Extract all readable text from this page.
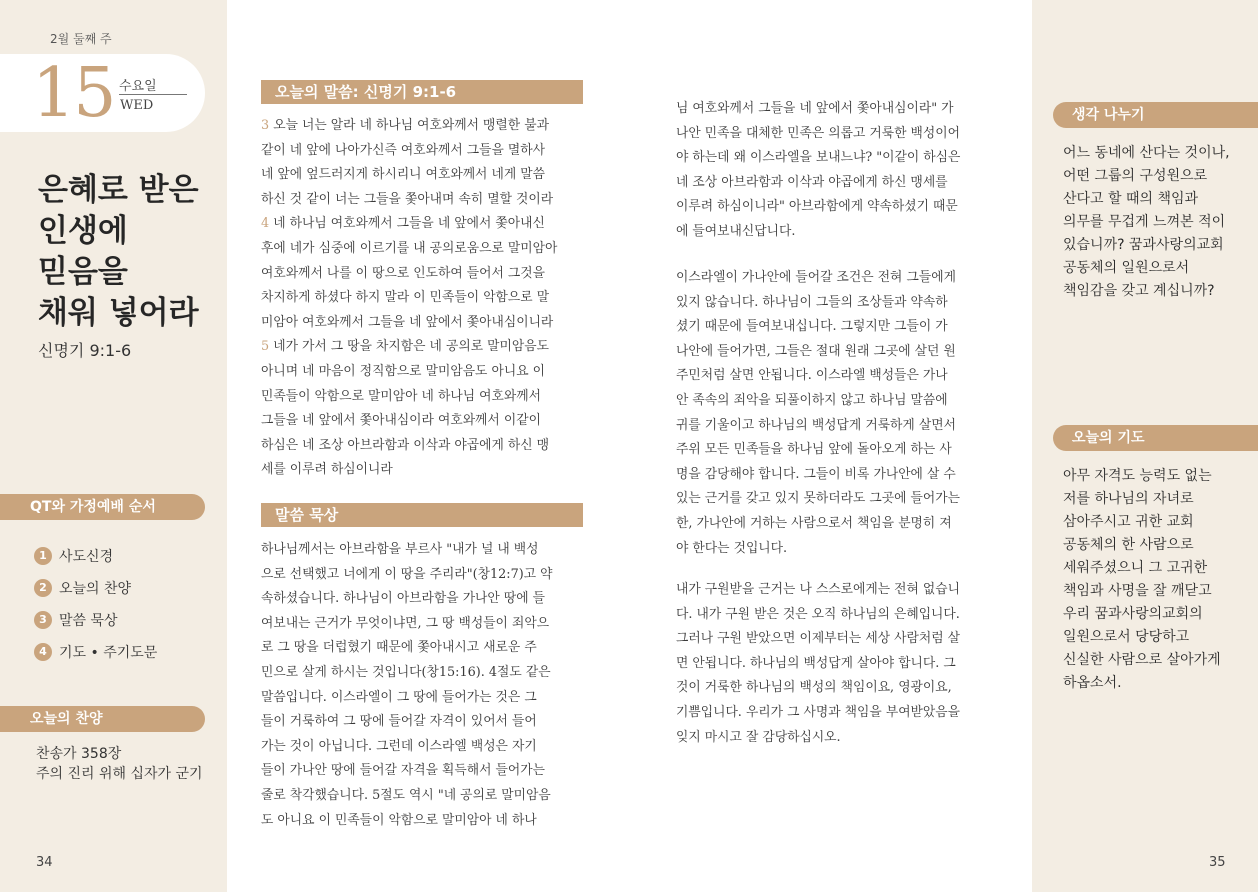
2월 둘째 주
15 수요일
WED
은혜로 받은
인생에
믿음을
채워 넣어라
신명기 9:1-6
QT와 가정예배 순서
1 사도신경
2 오늘의 찬양
3 말씀 묵상
4 기도 • 주기도문
오늘의 찬양
찬송가 358장
주의 진리 위해 십자가 군기
34
오늘의 말씀: 신명기 9:1-6
3 오늘 너는 알라 네 하나님 여호와께서 맹렬한 불과
같이 네 앞에 나아가신즉 여호와께서 그들을 멸하사
네 앞에 엎드러지게 하시리니 여호와께서 네게 말씀
하신 것 같이 너는 그들을 쫓아내며 속히 멸할 것이라
4 네 하나님 여호와께서 그들을 네 앞에서 쫓아내신
후에 네가 심중에 이르기를 내 공의로움으로 말미암아
여호와께서 나를 이 땅으로 인도하여 들어서 그것을
차지하게 하셨다 하지 말라 이 민족들이 악함으로 말
미암아 여호와께서 그들을 네 앞에서 쫓아내심이니라
5 네가 가서 그 땅을 차지함은 네 공의로 말미암음도
아니며 네 마음이 정직함으로 말미암음도 아니요 이
민족들이 악함으로 말미암아 네 하나님 여호와께서
그들을 네 앞에서 쫓아내심이라 여호와께서 이같이
하심은 네 조상 아브라함과 이삭과 야곱에게 하신 맹
세를 이루려 하심이니라
말씀 묵상
하나님께서는 아브라함을 부르사 "내가 널 내 백성
으로 선택했고 너에게 이 땅을 주리라"(창12:7)고 약
속하셨습니다. 하나님이 아브라함을 가나안 땅에 들
여보내는 근거가 무엇이냐면, 그 땅 백성들이 죄악으
로 그 땅을 더럽혔기 때문에 쫓아내시고 새로운 주
민으로 살게 하시는 것입니다(창15:16). 4절도 같은
말씀입니다. 이스라엘이 그 땅에 들어가는 것은 그
들이 거룩하여 그 땅에 들어갈 자격이 있어서 들어
가는 것이 아닙니다. 그런데 이스라엘 백성은 자기
들이 가나안 땅에 들어갈 자격을 획득해서 들어가는
줄로 착각했습니다. 5절도 역시 "네 공의로 말미암음
도 아니요 이 민족들이 악함으로 말미암아 네 하나
님 여호와께서 그들을 네 앞에서 쫓아내심이라" 가
나안 민족을 대체한 민족은 의롭고 거룩한 백성이어
야 하는데 왜 이스라엘을 보내느냐? "이같이 하심은
네 조상 아브라함과 이삭과 야곱에게 하신 맹세를
이루려 하심이니라" 아브라함에게 약속하셨기 때문
에 들여보내신답니다.
이스라엘이 가나안에 들어갈 조건은 전혀 그들에게
있지 않습니다. 하나님이 그들의 조상들과 약속하
셨기 때문에 들여보내십니다. 그렇지만 그들이 가
나안에 들어가면, 그들은 절대 원래 그곳에 살던 원
주민처럼 살면 안됩니다. 이스라엘 백성들은 가나
안 족속의 죄악을 되풀이하지 않고 하나님 말씀에
귀를 기울이고 하나님의 백성답게 거룩하게 살면서
주위 모든 민족들을 하나님 앞에 돌아오게 하는 사
명을 감당해야 합니다. 그들이 비록 가나안에 살 수
있는 근거를 갖고 있지 못하더라도 그곳에 들어가는
한, 가나안에 거하는 사람으로서 책임을 분명히 져
야 한다는 것입니다.
내가 구원받을 근거는 나 스스로에게는 전혀 없습니
다. 내가 구원 받은 것은 오직 하나님의 은혜입니다.
그러나 구원 받았으면 이제부터는 세상 사람처럼 살
면 안됩니다. 하나님의 백성답게 살아야 합니다. 그
것이 거룩한 하나님의 백성의 책임이요, 영광이요,
기쁨입니다. 우리가 그 사명과 책임을 부여받았음을
잊지 마시고 잘 감당하십시오.
생각 나누기
어느 동네에 산다는 것이나,
어떤 그룹의 구성원으로
산다고 할 때의 책임과
의무를 무겁게 느껴본 적이
있습니까? 꿈과사랑의교회
공동체의 일원으로서
책임감을 갖고 계십니까?
오늘의 기도
아무 자격도 능력도 없는
저를 하나님의 자녀로
삼아주시고 귀한 교회
공동체의 한 사람으로
세워주셨으니 그 고귀한
책임과 사명을 잘 깨닫고
우리 꿈과사랑의교회의
일원으로서 당당하고
신실한 사람으로 살아가게
하옵소서.
35
